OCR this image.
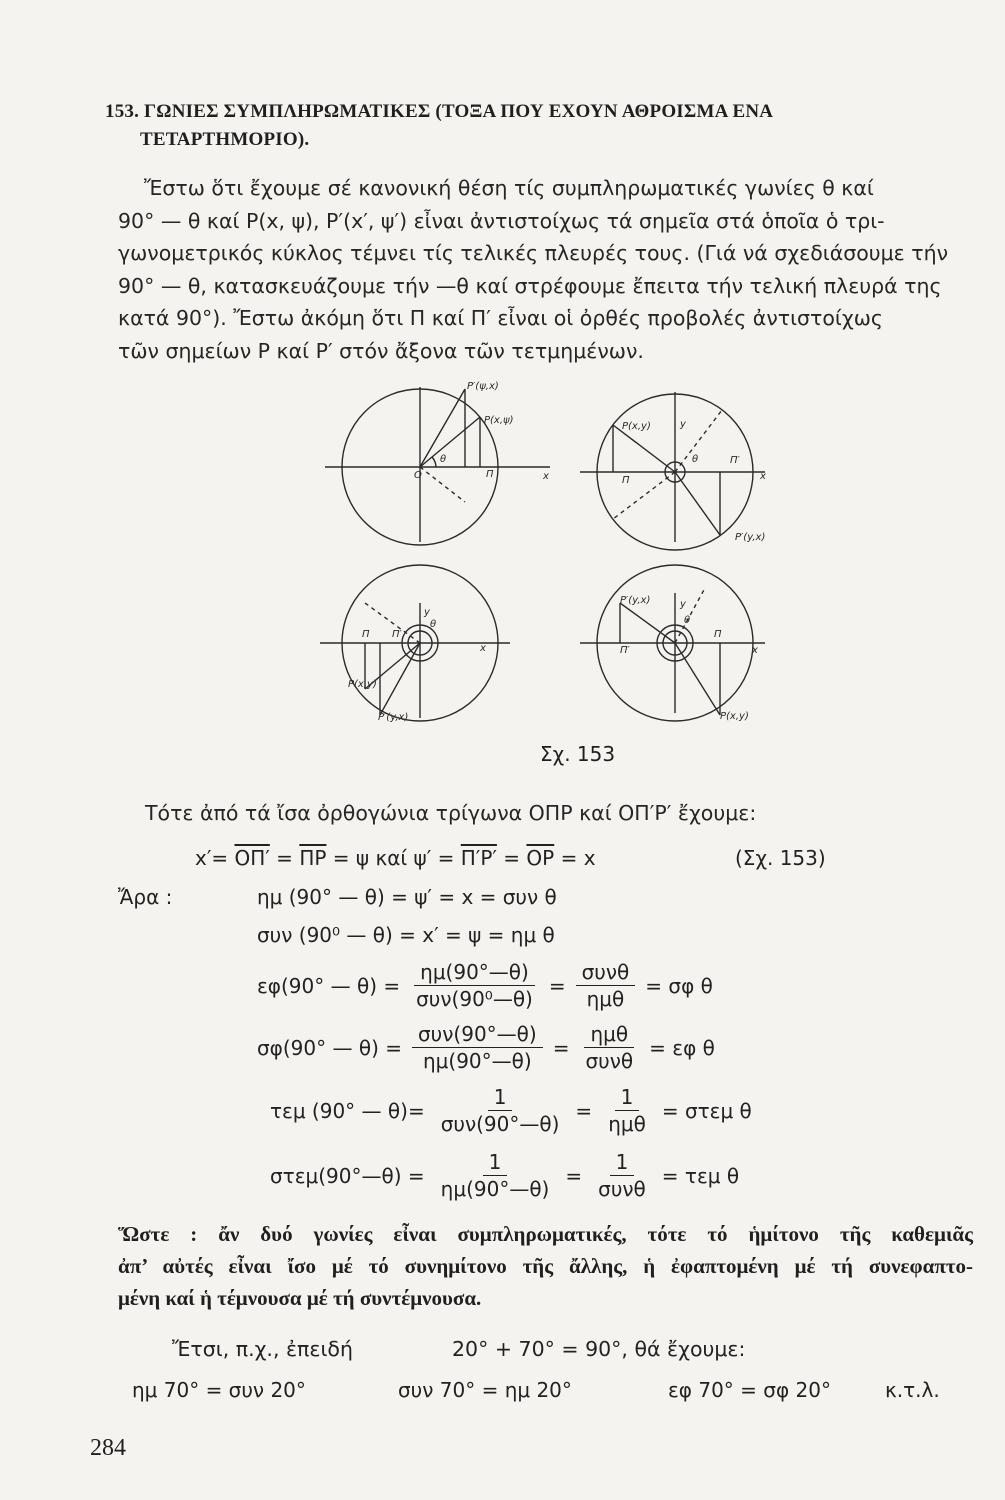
153. ΓΩΝΙΕΣ ΣΥΜΠΛΗΡΩΜΑΤΙΚΕΣ (ΤΟΞΑ ΠΟΥ ΕΧΟΥΝ ΑΘΡΟΙΣΜΑ ΕΝΑ
ΤΕΤΑΡΤΗΜΟΡΙΟ).
Ἔστω ὅτι ἔχουμε σέ κανονική θέση τίς συμπληρωματικές γωνίες θ καί
90° — θ καί P(x, ψ), P′(x′, ψ′) εἶναι ἀντιστοίχως τά σημεῖα στά ὁποῖα ὁ τρι-
γωνομετρικός κύκλος τέμνει τίς τελικές πλευρές τους. (Γιά νά σχεδιάσουμε τήν
90° — θ, κατασκευάζουμε τήν —θ καί στρέφουμε ἔπειτα τήν τελική πλευρά της
κατά 90°). Ἔστω ἀκόμη ὅτι Π καί Π′ εἶναι οἱ ὀρθές προβολές ἀντιστοίχως
τῶν σημείων P καί P′ στόν ἄξονα τῶν τετμημένων.
P′(ψ,x)
P(x,ψ)
Π
O	x
θ
P(x,y)
P′(y,x)
Π
Π′
y
x
θ
P(x,y)
P′(y,x)
Π Π′
y
x
θ
P′(y,x)
P(x,y)
Π
Π′
y
x
θ
Σχ. 153
Τότε ἀπό τά ἴσα ὀρθογώνια τρίγωνα ΟΠΡ καί ΟΠ′Ρ′ ἔχουμε:
$x'= O\Pi' = \overline{\Pi P} = \psi$ καί $\psi' = \Pi'P' = \overline{OP} = x$	(Σχ. 153)
Ἄρα :	ημ (90° — θ) = ψ′ = x = συν θ
συν (90⁰ — θ) = x′ = ψ = ημ θ
εφ(90° — $\theta) = \frac{\eta\mu(90^\circ—\theta)}{\text{συν(90⁰—θ)}} = \frac{\text{συνθ}}{\text{ημθ}} = \sigma\varphi$ θ
σφ(90° — $\theta) = \frac{\text{συν(90°—θ)}}{\eta\mu(90^\circ—\theta)} = \frac{\text{ημθ}}{\text{συνθ}} = \varepsilon\varphi$ θ
τεμ (90° — $\theta)= \frac{1}{\text{συν(90°—θ)}} = \frac{1}{\text{ημθ}} = \sigma\tau\varepsilon\mu$ θ
στεμ(90°—θ) = $\frac{1}{\eta\mu(90^\circ—\theta)} = \frac{1}{\text{συνθ}} = \tau\varepsilon\mu$ θ
Ὥστε : ἄν δυό γωνίες εἶναι συμπληρωματικές, τότε τό ἡμίτονο τῆς καθεμιᾶς
ἀπ’ αὐτές εἶναι ἴσο μέ τό συνημίτονο τῆς ἄλλης, ἡ ἐφαπτομένη μέ τή συνεφαπτο-
μένη καί ἡ τέμνουσα μέ τή συντέμνουσα.
Ἔτσι, π.χ., ἐπειδή	20° + 70° = 90°, θά ἔχουμε:
ημ 70° = συν 20°	συν 70° = ημ 20°	εφ 70° = σφ 20°	κ.τ.λ.
284
